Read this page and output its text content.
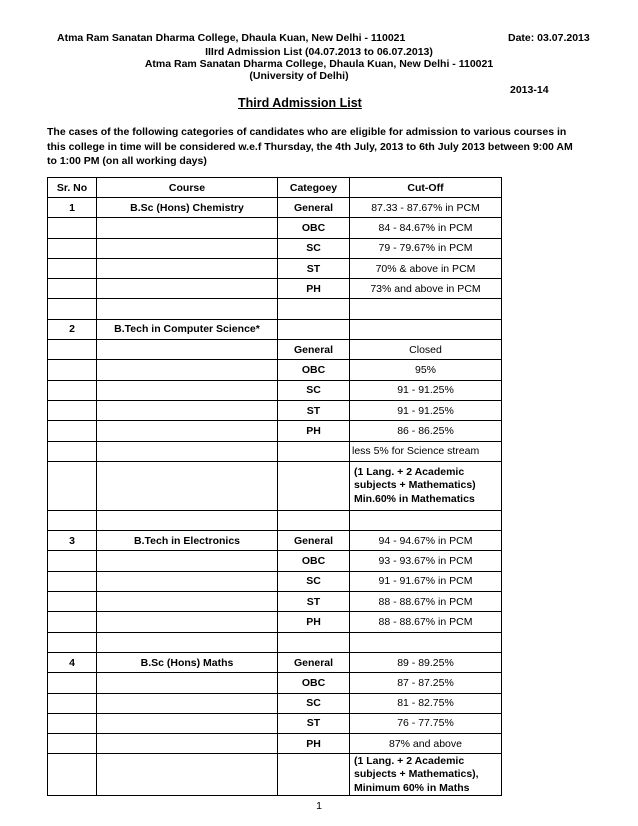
Atma Ram Sanatan Dharma College, Dhaula Kuan, New Delhi - 110021	Date: 03.07.2013
IIIrd Admission List (04.07.2013 to 06.07.2013)
Atma Ram Sanatan Dharma College, Dhaula Kuan, New Delhi - 110021
(University of Delhi)
2013-14
Third Admission List
The cases of the following categories of candidates who are eligible for admission to various courses in this college in time will be considered w.e.f Thursday, the 4th July, 2013 to 6th July 2013 between 9:00 AM to 1:00 PM (on all working days)
Sr. No	Course	Categoey	Cut-Off
1	B.Sc (Hons) Chemistry	General	87.33 - 87.67% in PCM
		OBC	84 - 84.67% in PCM
		SC	79 - 79.67% in PCM
		ST	70% & above in PCM
		PH	73% and above in PCM

2	B.Tech in Computer Science*		
		General	Closed
		OBC	95%
		SC	91 - 91.25%
		ST	91 - 91.25%
		PH	86 - 86.25%
			less 5% for Science stream
			(1 Lang. + 2 Academic subjects + Mathematics) Min.60% in Mathematics

3	B.Tech in Electronics	General	94 - 94.67% in PCM
		OBC	93 - 93.67% in PCM
		SC	91 - 91.67% in PCM
		ST	88 - 88.67% in PCM
		PH	88 - 88.67% in PCM

4	B.Sc (Hons) Maths	General	89 - 89.25%
		OBC	87 - 87.25%
		SC	81 - 82.75%
		ST	76 - 77.75%
		PH	87% and above
			(1 Lang. + 2 Academic subjects + Mathematics), Minimum 60% in Maths
1
